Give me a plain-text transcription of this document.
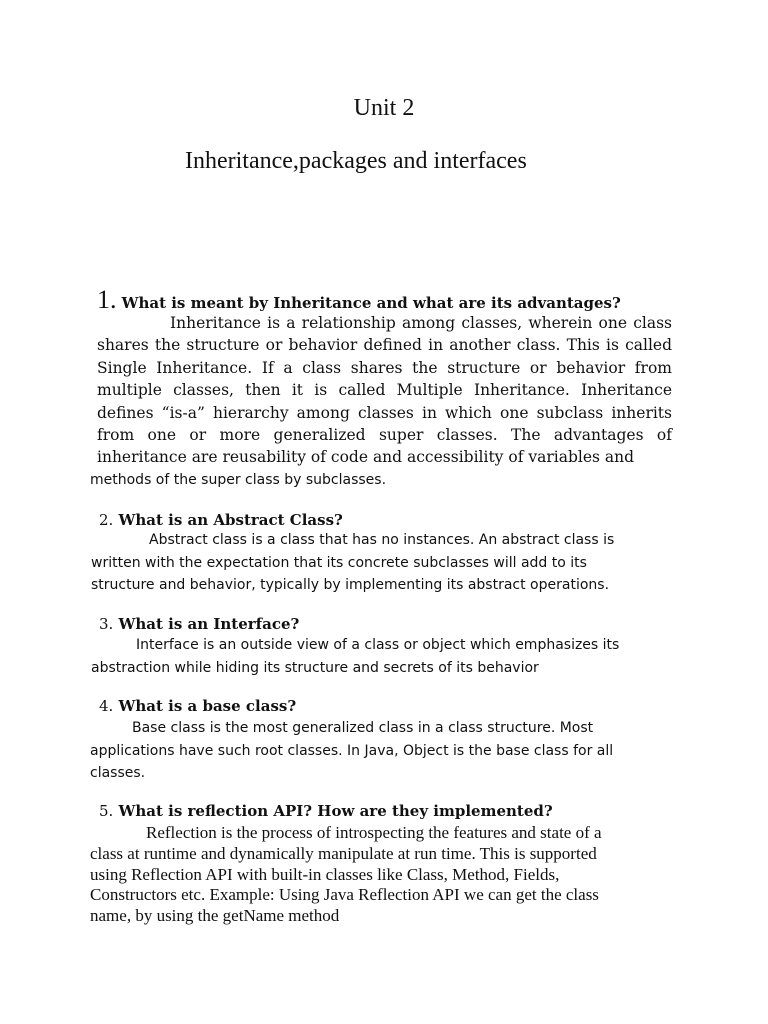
Unit 2
Inheritance,packages and interfaces
1. What is meant by Inheritance and what are its advantages?

Inheritance is a relationship among classes, wherein one class shares the structure or behavior defined in another class. This is called Single Inheritance. If a class shares the structure or behavior from multiple classes, then it is called Multiple Inheritance. Inheritance defines “is-a” hierarchy among classes in which one subclass inherits from one or more generalized super classes. The advantages of inheritance are reusability of code and accessibility of variables and

methods of the super class by subclasses.

2. What is an Abstract Class?

Abstract class is a class that has no instances. An abstract class is
written with the expectation that its concrete subclasses will add to its
structure and behavior, typically by implementing its abstract operations.

3. What is an Interface?

Interface is an outside view of a class or object which emphasizes its
abstraction while hiding its structure and secrets of its behavior

4. What is a base class?

Base class is the most generalized class in a class structure. Most
applications have such root classes. In Java, Object is the base class for all
classes.

5. What is reflection API? How are they implemented?

Reflection is the process of introspecting the features and state of a
class at runtime and dynamically manipulate at run time. This is supported
using Reflection API with built-in classes like Class, Method, Fields,
Constructors etc. Example: Using Java Reflection API we can get the class
name, by using the getName method
